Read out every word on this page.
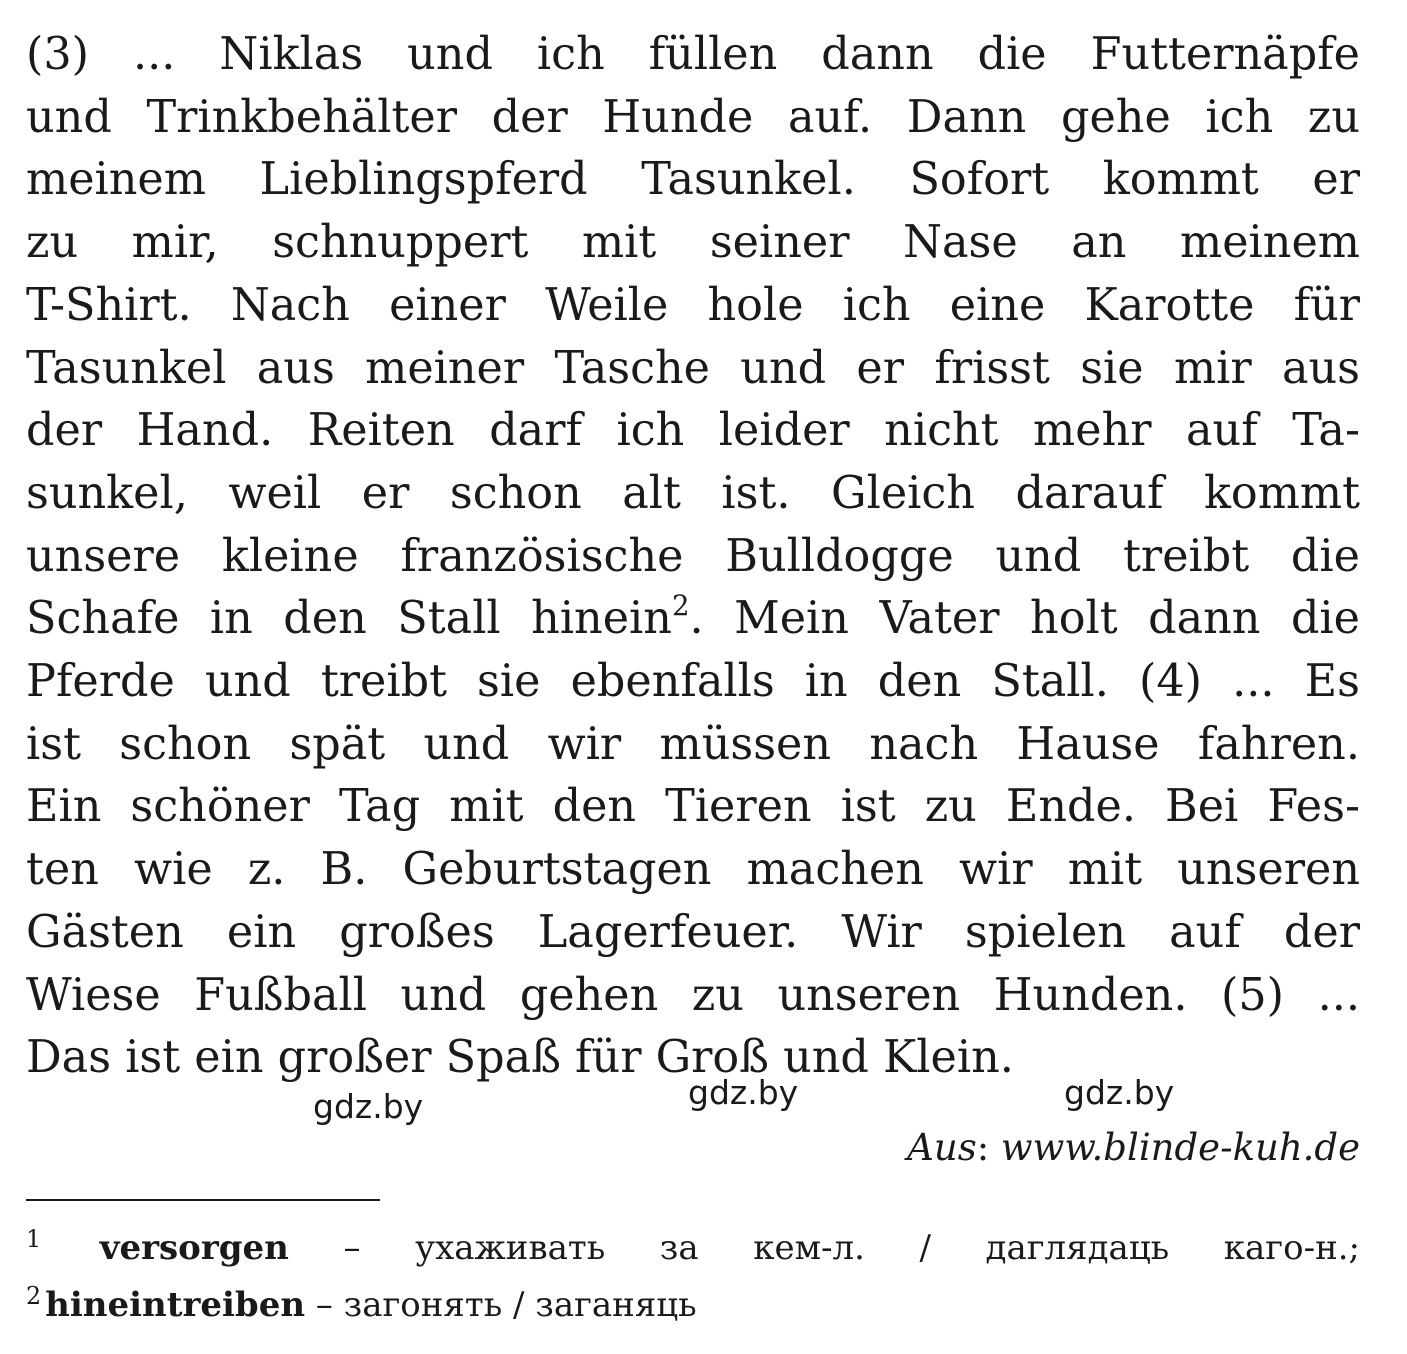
(3) ... Niklas und ich füllen dann die Futternäpfe
und Trinkbehälter der Hunde auf. Dann gehe ich zu
meinem Lieblingspferd Tasunkel. Sofort kommt er
zu mir, schnuppert mit seiner Nase an meinem
T-Shirt. Nach einer Weile hole ich eine Karotte für
Tasunkel aus meiner Tasche und er frisst sie mir aus
der Hand. Reiten darf ich leider nicht mehr auf Ta-
sunkel, weil er schon alt ist. Gleich darauf kommt
unsere kleine französische Bulldogge und treibt die
Schafe in den Stall hinein$^2$. Mein Vater holt dann die
Pferde und treibt sie ebenfalls in den Stall. (4) ... Es
ist schon spät und wir müssen nach Hause fahren.
Ein schöner Tag mit den Tieren ist zu Ende. Bei Fes-
ten wie z. B. Geburtstagen machen wir mit unseren
Gästen ein großes Lagerfeuer. Wir spielen auf der
Wiese Fußball und gehen zu unseren Hunden. (5) ...
Das ist ein großer Spaß für Groß und Klein.

gdz.by	gdz.by	gdz.by
Aus: www.blinde-kuh.de
$^1$ versorgen – ухаживать за кем-л. / даглядаць каго-н.;
$^2$ hineintreiben – загонять / заганяць
